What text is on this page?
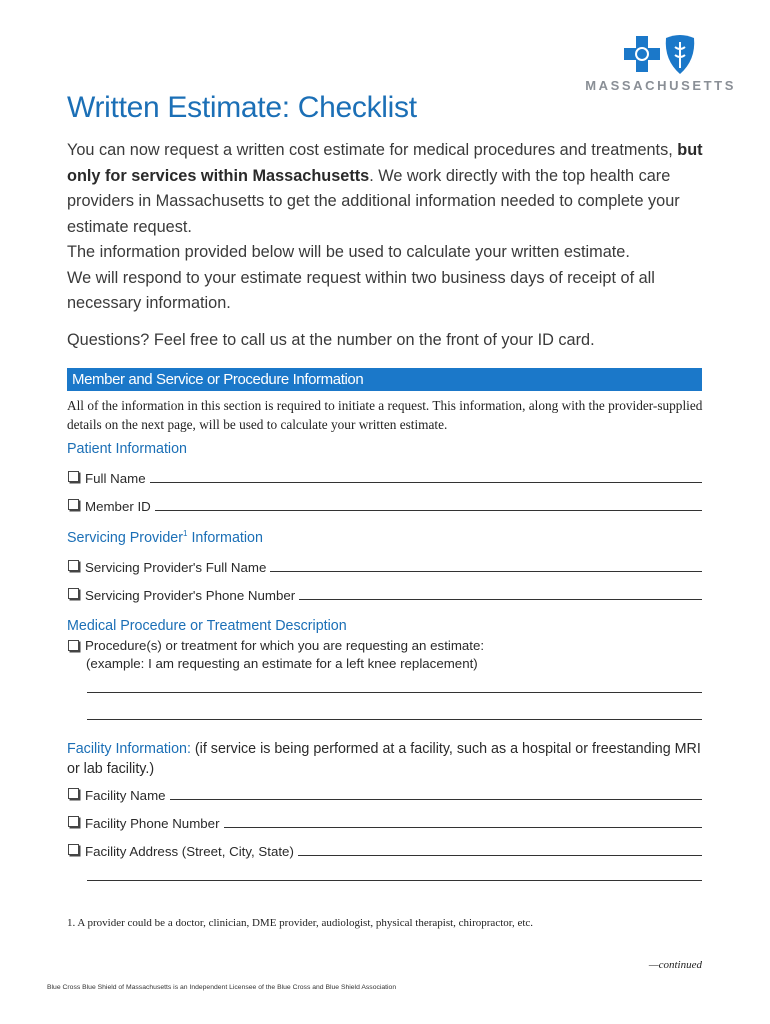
MASSACHUSETTS
Written Estimate: Checklist

You can now request a written cost estimate for medical procedures and treatments, but only for services within Massachusetts. We work directly with the top health care providers in Massachusetts to get the additional information needed to complete your estimate request.

The information provided below will be used to calculate your written estimate.

We will respond to your estimate request within two business days of receipt of all necessary information.

Questions? Feel free to call us at the number on the front of your ID card.

Member and Service or Procedure Information

All of the information in this section is required to initiate a request. This information, along with the provider-supplied details on the next page, will be used to calculate your written estimate.

Patient Information
Full Name
Member ID
Servicing Provider$^1$ Information
Servicing Provider's Full Name
Servicing Provider's Phone Number
Medical Procedure or Treatment Description
Procedure(s) or treatment for which you are requesting an estimate:
(example: I am requesting an estimate for a left knee replacement)

Facility Information: (if service is being performed at a facility, such as a hospital or freestanding MRI or lab facility.)

Facility Name
Facility Phone Number
Facility Address (Street, City, State)

1. A provider could be a doctor, clinician, DME provider, audiologist, physical therapist, chiropractor, etc.

—continued

Blue Cross Blue Shield of Massachusetts is an Independent Licensee of the Blue Cross and Blue Shield Association
